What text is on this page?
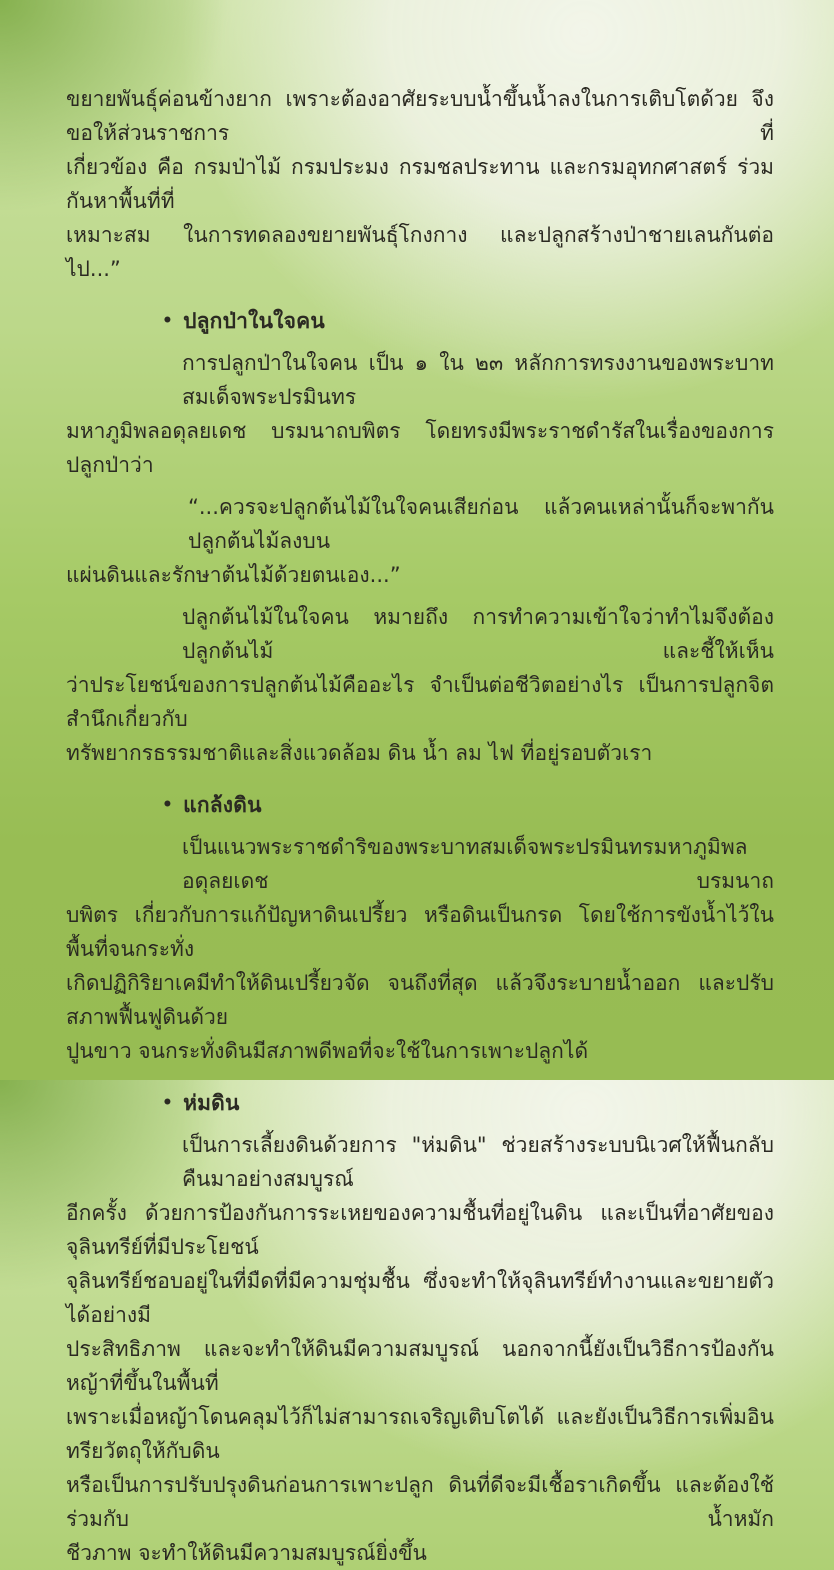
ขยายพันธุ์ค่อนข้างยาก เพราะต้องอาศัยระบบน้ำขึ้นน้ำลงในการเติบโตด้วย จึงขอให้ส่วนราชการ ที่
เกี่ยวข้อง คือ กรมป่าไม้ กรมประมง กรมชลประทาน และกรมอุทกศาสตร์ ร่วมกันหาพื้นที่ที่
เหมาะสม ในการทดลองขยายพันธุ์โกงกาง และปลูกสร้างป่าชายเลนกันต่อไป...”
• ปลูกป่าในใจคน
การปลูกป่าในใจคน เป็น ๑ ใน ๒๓ หลักการทรงงานของพระบาทสมเด็จพระปรมินทร
มหาภูมิพลอดุลยเดช บรมนาถบพิตร โดยทรงมีพระราชดำรัสในเรื่องของการปลูกป่าว่า
“...ควรจะปลูกต้นไม้ในใจคนเสียก่อน แล้วคนเหล่านั้นก็จะพากันปลูกต้นไม้ลงบน
แผ่นดินและรักษาต้นไม้ด้วยตนเอง...”
ปลูกต้นไม้ในใจคน หมายถึง การทำความเข้าใจว่าทำไมจึงต้องปลูกต้นไม้ และชี้ให้เห็น
ว่าประโยชน์ของการปลูกต้นไม้คืออะไร จำเป็นต่อชีวิตอย่างไร เป็นการปลูกจิตสำนึกเกี่ยวกับ
ทรัพยากรธรรมชาติและสิ่งแวดล้อม ดิน น้ำ ลม ไฟ ที่อยู่รอบตัวเรา
• แกล้งดิน
เป็นแนวพระราชดำริของพระบาทสมเด็จพระปรมินทรมหาภูมิพลอดุลยเดช บรมนาถ
บพิตร เกี่ยวกับการแก้ปัญหาดินเปรี้ยว หรือดินเป็นกรด โดยใช้การขังน้ำไว้ในพื้นที่จนกระทั่ง
เกิดปฏิกิริยาเคมีทำให้ดินเปรี้ยวจัด จนถึงที่สุด แล้วจึงระบายน้ำออก และปรับสภาพฟื้นฟูดินด้วย
ปูนขาว จนกระทั่งดินมีสภาพดีพอที่จะใช้ในการเพาะปลูกได้
• ห่มดิน
เป็นการเลี้ยงดินด้วยการ "ห่มดิน" ช่วยสร้างระบบนิเวศให้ฟื้นกลับคืนมาอย่างสมบูรณ์
อีกครั้ง ด้วยการป้องกันการระเหยของความชื้นที่อยู่ในดิน และเป็นที่อาศัยของจุลินทรีย์ที่มีประโยชน์
จุลินทรีย์ชอบอยู่ในที่มืดที่มีความชุ่มชื้น ซึ่งจะทำให้จุลินทรีย์ทำงานและขยายตัวได้อย่างมี
ประสิทธิภาพ และจะทำให้ดินมีความสมบูรณ์ นอกจากนี้ยังเป็นวิธีการป้องกันหญ้าที่ขึ้นในพื้นที่
เพราะเมื่อหญ้าโดนคลุมไว้ก็ไม่สามารถเจริญเติบโตได้ และยังเป็นวิธีการเพิ่มอินทรียวัตถุให้กับดิน
หรือเป็นการปรับปรุงดินก่อนการเพาะปลูก ดินที่ดีจะมีเชื้อราเกิดขึ้น และต้องใช้ร่วมกับ น้ำหมัก
ชีวภาพ จะทำให้ดินมีความสมบูรณ์ยิ่งขึ้น
